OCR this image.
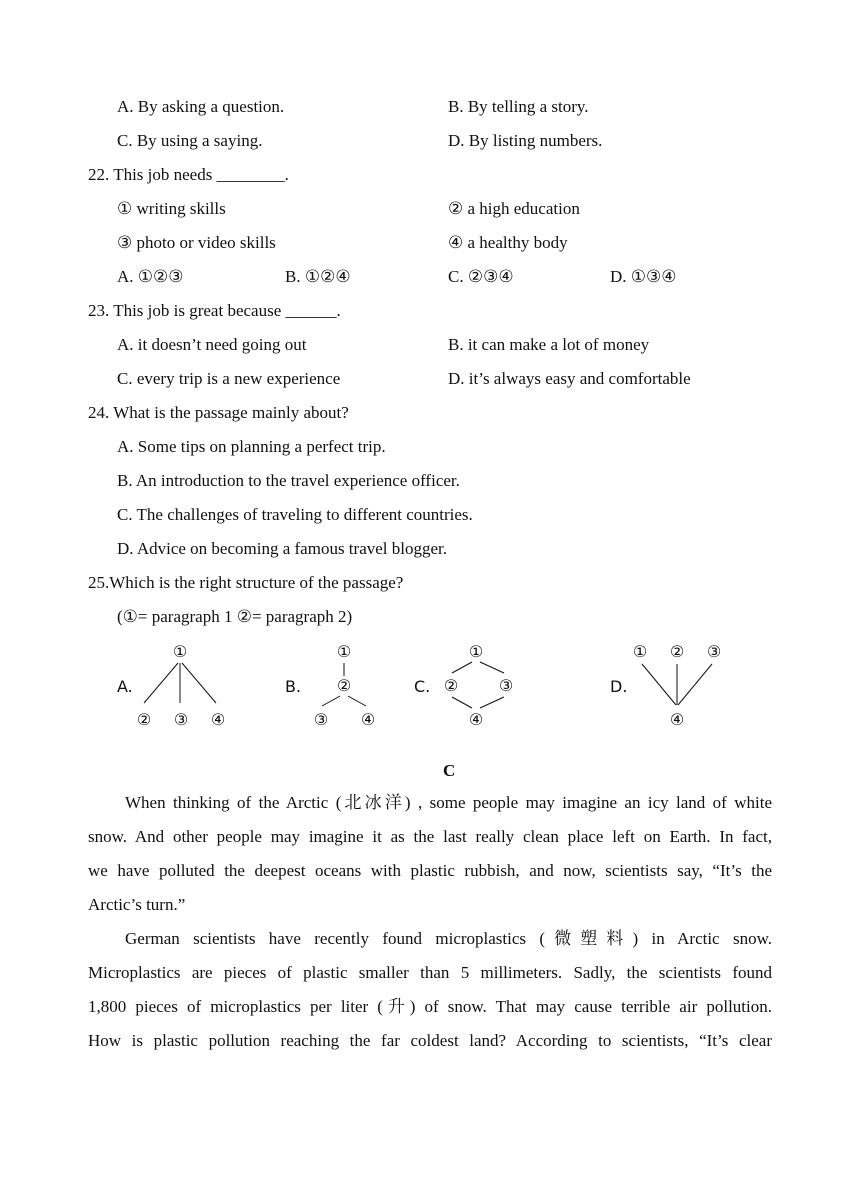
A. By asking a question.	B. By telling a story.
C. By using a saying.	D. By listing numbers.
22. This job needs ________.
① writing skills	② a high education
③ photo or video skills	④ a healthy body
A. ①②③	B. ①②④	C. ②③④	D. ①③④
23. This job is great because ______.
A. it doesn’t need going out	B. it can make a lot of money
C. every trip is a new experience	D. it’s always easy and comfortable
24. What is the passage mainly about?
A. Some tips on planning a perfect trip.
B. An introduction to the travel experience officer.
C. The challenges of traveling to different countries.
D. Advice on becoming a famous travel blogger.
25.Which is the right structure of the passage?
(①= paragraph 1 ②= paragraph 2)
A.
①
② ③ ④
B.
①
②
③ ④
C.
①
②	③
④
D.
① ② ③
④
C
When thinking of the Arctic (北冰洋) , some people may imagine an icy land of white
snow. And other people may imagine it as the last really clean place left on Earth. In fact,
we have polluted the deepest oceans with plastic rubbish, and now, scientists say, “It’s the
Arctic’s turn.”
German scientists have recently found microplastics (微塑料) in Arctic snow.
Microplastics are pieces of plastic smaller than 5 millimeters. Sadly, the scientists found
1,800 pieces of microplastics per liter (升) of snow. That may cause terrible air pollution.
How is plastic pollution reaching the far coldest land? According to scientists, “It’s clear
